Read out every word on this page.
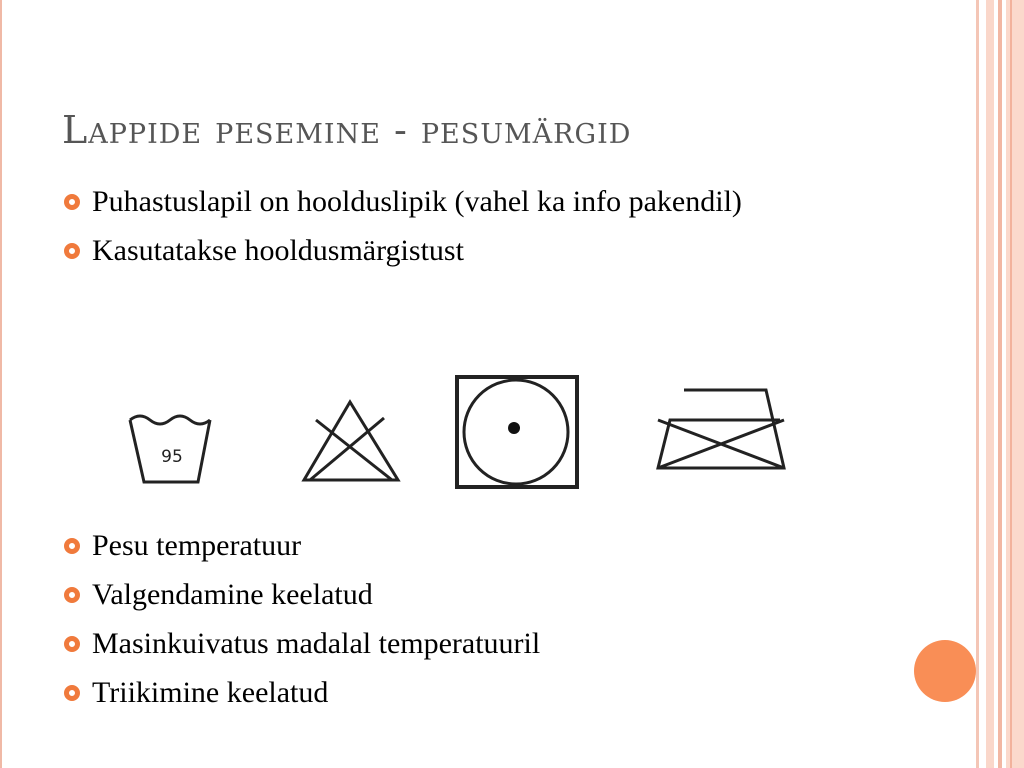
Lappide pesemine - pesumärgid
Puhastuslapil on hoolduslipik (vahel ka info pakendil)
Kasutatakse hooldusmärgistust
95
Pesu temperatuur
Valgendamine keelatud
Masinkuivatus madalal temperatuuril
Triikimine keelatud
